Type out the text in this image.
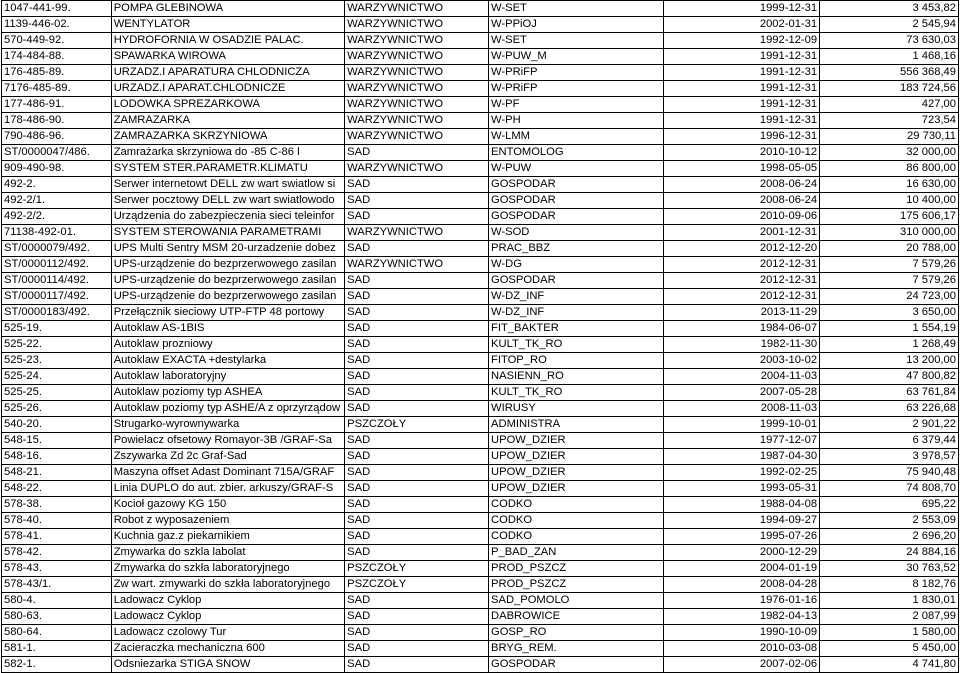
1047-441-99.	POMPA GLEBINOWA	WARZYWNICTWO	W-SET	1999-12-31	3 453,82
1139-446-02.	WENTYLATOR	WARZYWNICTWO	W-PPiOJ	2002-01-31	2 545,94
570-449-92.	HYDROFORNIA W OSADZIE PALAC.	WARZYWNICTWO	W-SET	1992-12-09	73 630,03
174-484-88.	SPAWARKA WIROWA	WARZYWNICTWO	W-PUW_M	1991-12-31	1 468,16
176-485-89.	URZADZ.I APARATURA CHLODNICZA	WARZYWNICTWO	W-PRiFP	1991-12-31	556 368,49
7176-485-89.	URZADZ.I APARAT.CHLODNICZE	WARZYWNICTWO	W-PRiFP	1991-12-31	183 724,56
177-486-91.	LODOWKA SPREZARKOWA	WARZYWNICTWO	W-PF	1991-12-31	427,00
178-486-90.	ZAMRAZARKA	WARZYWNICTWO	W-PH	1991-12-31	723,54
790-486-96.	ZAMRAZARKA SKRZYNIOWA	WARZYWNICTWO	W-LMM	1996-12-31	29 730,11
ST/0000047/486.	Zamrażarka skrzyniowa do -85 C-86 l	SAD	ENTOMOLOG	2010-10-12	32 000,00
909-490-98.	SYSTEM STER.PARAMETR.KLIMATU	WARZYWNICTWO	W-PUW	1998-05-05	86 800,00
492-2.	Serwer internetowt DELL zw wart swiatlow si	SAD	GOSPODAR	2008-06-24	16 630,00
492-2/1.	Serwer pocztowy DELL zw wart swiatlowodo	SAD	GOSPODAR	2008-06-24	10 400,00
492-2/2.	Urządzenia do zabezpieczenia sieci teleinfor	SAD	GOSPODAR	2010-09-06	175 606,17
71138-492-01.	SYSTEM STEROWANIA PARAMETRAMI	WARZYWNICTWO	W-SOD	2001-12-31	310 000,00
ST/0000079/492.	UPS Multi Sentry MSM 20-urzadzenie dobez	SAD	PRAC_BBZ	2012-12-20	20 788,00
ST/0000112/492.	UPS-urządzenie do bezprzerwowego zasilan	WARZYWNICTWO	W-DG	2012-12-31	7 579,26
ST/0000114/492.	UPS-urządzenie do bezprzerwowego zasilan	SAD	GOSPODAR	2012-12-31	7 579,26
ST/0000117/492.	UPS-urządzenie do bezprzerwowego zasilan	SAD	W-DZ_INF	2012-12-31	24 723,00
ST/0000183/492.	Przełącznik sieciowy UTP-FTP 48 portowy	SAD	W-DZ_INF	2013-11-29	3 650,00
525-19.	Autoklaw AS-1BIS	SAD	FIT_BAKTER	1984-06-07	1 554,19
525-22.	Autoklaw prozniowy	SAD	KULT_TK_RO	1982-11-30	1 268,49
525-23.	Autoklaw EXACTA +destylarka	SAD	FITOP_RO	2003-10-02	13 200,00
525-24.	Autoklaw laboratoryjny	SAD	NASIENN_RO	2004-11-03	47 800,82
525-25.	Autoklaw poziomy typ ASHEA	SAD	KULT_TK_RO	2007-05-28	63 761,84
525-26.	Autoklaw poziomy typ ASHE/A z oprzyrządow	SAD	WIRUSY	2008-11-03	63 226,68
540-20.	Strugarko-wyrownywarka	PSZCZOŁY	ADMINISTRA	1999-10-01	2 901,22
548-15.	Powielacz ofsetowy Romayor-3B /GRAF-Sa	SAD	UPOW_DZIER	1977-12-07	6 379,44
548-16.	Zszywarka Zd 2c Graf-Sad	SAD	UPOW_DZIER	1987-04-30	3 978,57
548-21.	Maszyna offset Adast Dominant 715A/GRAF	SAD	UPOW_DZIER	1992-02-25	75 940,48
548-22.	Linia DUPLO do aut. zbier. arkuszy/GRAF-S	SAD	UPOW_DZIER	1993-05-31	74 808,70
578-38.	Kocioł gazowy KG 150	SAD	CODKO	1988-04-08	695,22
578-40.	Robot z wyposazeniem	SAD	CODKO	1994-09-27	2 553,09
578-41.	Kuchnia gaz.z piekarnikiem	SAD	CODKO	1995-07-26	2 696,20
578-42.	Zmywarka do szkla labolat	SAD	P_BAD_ZAN	2000-12-29	24 884,16
578-43.	Zmywarka do szkła laboratoryjnego	PSZCZOŁY	PROD_PSZCZ	2004-01-19	30 763,52
578-43/1.	Zw wart. zmywarki do szkła laboratoryjnego	PSZCZOŁY	PROD_PSZCZ	2008-04-28	8 182,76
580-4.	Ladowacz Cyklop	SAD	SAD_POMOLO	1976-01-16	1 830,01
580-63.	Ladowacz Cyklop	SAD	DABROWICE	1982-04-13	2 087,99
580-64.	Ladowacz czolowy Tur	SAD	GOSP_RO	1990-10-09	1 580,00
581-1.	Zacieraczka mechaniczna 600	SAD	BRYG_REM.	2010-03-08	5 450,00
582-1.	Odsniezarka STIGA SNOW	SAD	GOSPODAR	2007-02-06	4 741,80
